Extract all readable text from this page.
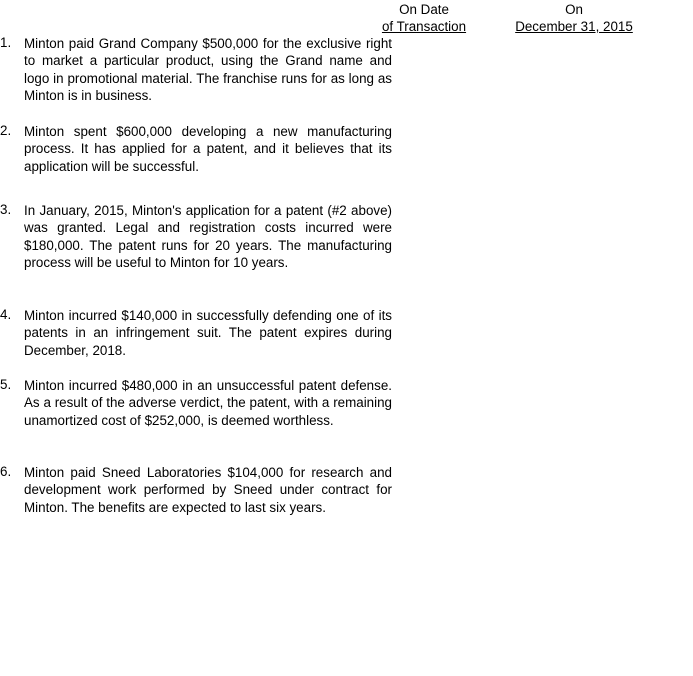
On Date
of Transaction
On
December 31, 2015
1. Minton paid Grand Company $500,000 for the exclusive right to market a particular product, using the Grand name and logo in promotional material. The franchise runs for as long as Minton is in business.
2. Minton spent $600,000 developing a new manufacturing process. It has applied for a patent, and it believes that its application will be successful.
3. In January, 2015, Minton's application for a patent (#2 above) was granted. Legal and registration costs incurred were $180,000. The patent runs for 20 years. The manufacturing process will be useful to Minton for 10 years.
4. Minton incurred $140,000 in successfully defending one of its patents in an infringement suit. The patent expires during December, 2018.
5. Minton incurred $480,000 in an unsuccessful patent defense. As a result of the adverse verdict, the patent, with a remaining unamortized cost of $252,000, is deemed worthless.
6. Minton paid Sneed Laboratories $104,000 for research and development work performed by Sneed under contract for Minton. The benefits are expected to last six years.
